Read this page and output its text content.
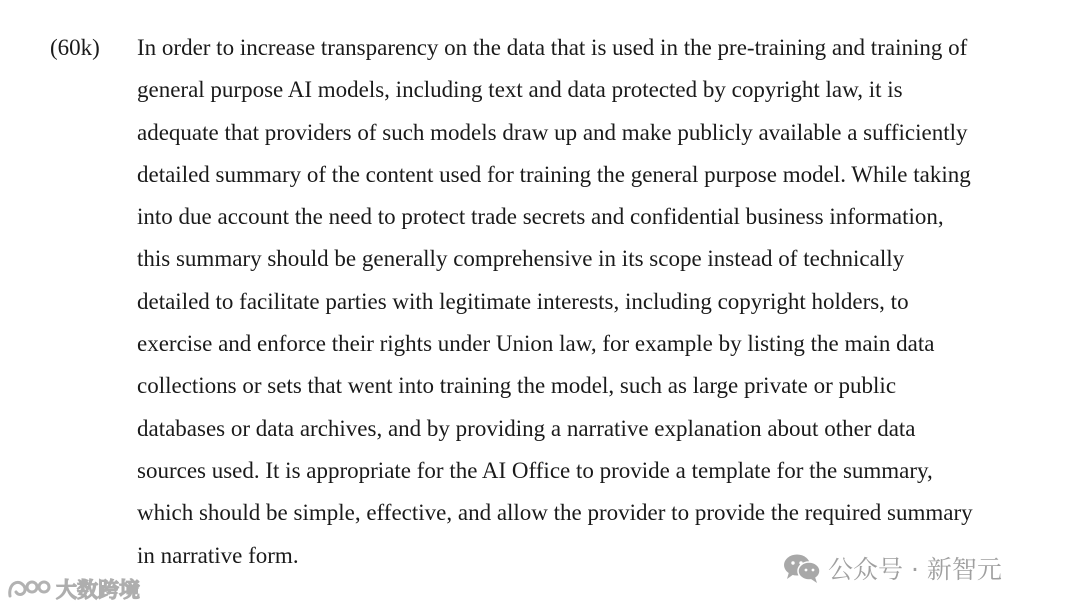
(60k) In order to increase transparency on the data that is used in the pre-training and training of
general purpose AI models, including text and data protected by copyright law, it is
adequate that providers of such models draw up and make publicly available a sufficiently
detailed summary of the content used for training the general purpose model. While taking
into due account the need to protect trade secrets and confidential business information,
this summary should be generally comprehensive in its scope instead of technically
detailed to facilitate parties with legitimate interests, including copyright holders, to
exercise and enforce their rights under Union law, for example by listing the main data
collections or sets that went into training the model, such as large private or public
databases or data archives, and by providing a narrative explanation about other data
sources used. It is appropriate for the AI Office to provide a template for the summary,
which should be simple, effective, and allow the provider to provide the required summary
in narrative form.	公众号 · 新智元
大数跨境
